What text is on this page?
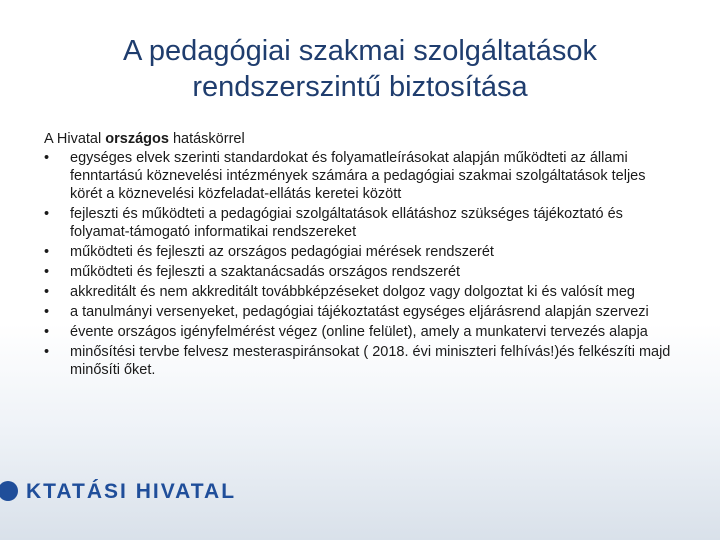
A pedagógiai szakmai szolgáltatások
rendszerszintű biztosítása

A Hivatal országos hatáskörrel

• egységes elvek szerinti standardokat és folyamatleírásokat alapján működteti az állami fenntartású köznevelési intézmények számára a pedagógiai szakmai szolgáltatások teljes körét a köznevelési közfeladat-ellátás keretei között
• fejleszti és működteti a pedagógiai szolgáltatások ellátáshoz szükséges tájékoztató és folyamat-támogató informatikai rendszereket
• működteti és fejleszti az országos pedagógiai mérések rendszerét
• működteti és fejleszti a szaktanácsadás országos rendszerét
• akkreditált és nem akkreditált továbbképzéseket dolgoz vagy dolgoztat ki és valósít meg
• a tanulmányi versenyeket, pedagógiai tájékoztatást egységes eljárásrend alapján szervezi
• évente országos igényfelmérést végez (online felület), amely a munkatervi tervezés alapja
• minősítési tervbe felvesz mesteraspiránsokat ( 2018. évi miniszteri felhívás!)és felkészíti majd minősíti őket.
KTATÁSI HIVATAL
